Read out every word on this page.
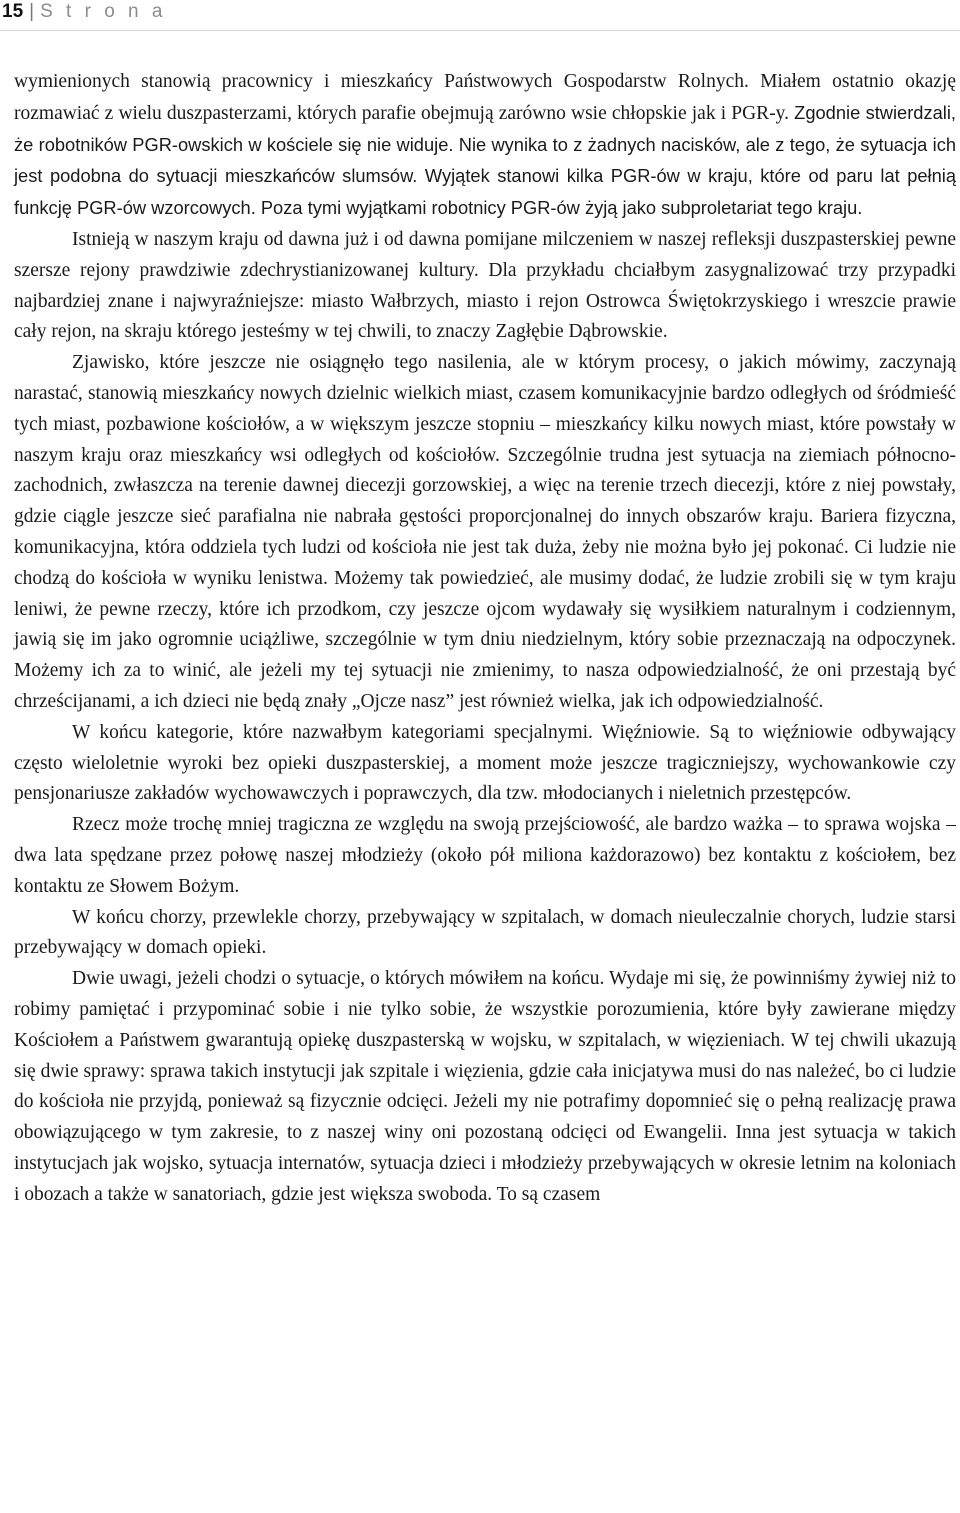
15 | S t r o n a

wymienionych stanowią pracownicy i mieszkańcy Państwowych Gospodarstw Rolnych. Miałem ostatnio okazję rozmawiać z wielu duszpasterzami, których parafie obejmują zarówno wsie chłopskie jak i PGR-y. Zgodnie stwierdzali, że robotników PGR-owskich w kościele się nie widuje. Nie wynika to z żadnych nacisków, ale z tego, że sytuacja ich jest podobna do sytuacji mieszkańców slumsów. Wyjątek stanowi kilka PGR-ów w kraju, które od paru lat pełnią funkcję PGR-ów wzorcowych. Poza tymi wyjątkami robotnicy PGR-ów żyją jako subproletariat tego kraju.

Istnieją w naszym kraju od dawna już i od dawna pomijane milczeniem w naszej refleksji duszpasterskiej pewne szersze rejony prawdziwie zdechrystianizowanej kultury. Dla przykładu chciałbym zasygnalizować trzy przypadki najbardziej znane i najwyraźniejsze: miasto Wałbrzych, miasto i rejon Ostrowca Świętokrzyskiego i wreszcie prawie cały rejon, na skraju którego jesteśmy w tej chwili, to znaczy Zagłębie Dąbrowskie.

Zjawisko, które jeszcze nie osiągnęło tego nasilenia, ale w którym procesy, o jakich mówimy, zaczynają narastać, stanowią mieszkańcy nowych dzielnic wielkich miast, czasem komunikacyjnie bardzo odległych od śródmieść tych miast, pozbawione kościołów, a w większym jeszcze stopniu – mieszkańcy kilku nowych miast, które powstały w naszym kraju oraz mieszkańcy wsi odległych od kościołów. Szczególnie trudna jest sytuacja na ziemiach północno-zachodnich, zwłaszcza na terenie dawnej diecezji gorzowskiej, a więc na terenie trzech diecezji, które z niej powstały, gdzie ciągle jeszcze sieć parafialna nie nabrała gęstości proporcjonalnej do innych obszarów kraju. Bariera fizyczna, komunikacyjna, która oddziela tych ludzi od kościoła nie jest tak duża, żeby nie można było jej pokonać. Ci ludzie nie chodzą do kościoła w wyniku lenistwa. Możemy tak powiedzieć, ale musimy dodać, że ludzie zrobili się w tym kraju leniwi, że pewne rzeczy, które ich przodkom, czy jeszcze ojcom wydawały się wysiłkiem naturalnym i codziennym, jawią się im jako ogromnie uciążliwe, szczególnie w tym dniu niedzielnym, który sobie przeznaczają na odpoczynek. Możemy ich za to winić, ale jeżeli my tej sytuacji nie zmienimy, to nasza odpowiedzialność, że oni przestają być chrześcijanami, a ich dzieci nie będą znały „Ojcze nasz” jest również wielka, jak ich odpowiedzialność.

W końcu kategorie, które nazwałbym kategoriami specjalnymi. Więźniowie. Są to więźniowie odbywający często wieloletnie wyroki bez opieki duszpasterskiej, a moment może jeszcze tragiczniejszy, wychowankowie czy pensjonariusze zakładów wychowawczych i poprawczych, dla tzw. młodocianych i nieletnich przestępców.

Rzecz może trochę mniej tragiczna ze względu na swoją przejściowość, ale bardzo ważka – to sprawa wojska – dwa lata spędzane przez połowę naszej młodzieży (około pół miliona każdorazowo) bez kontaktu z kościołem, bez kontaktu ze Słowem Bożym.

W końcu chorzy, przewlekle chorzy, przebywający w szpitalach, w domach nieuleczalnie chorych, ludzie starsi przebywający w domach opieki.

Dwie uwagi, jeżeli chodzi o sytuacje, o których mówiłem na końcu. Wydaje mi się, że powinniśmy żywiej niż to robimy pamiętać i przypominać sobie i nie tylko sobie, że wszystkie porozumienia, które były zawierane między Kościołem a Państwem gwarantują opiekę duszpasterską w wojsku, w szpitalach, w więzieniach. W tej chwili ukazują się dwie sprawy: sprawa takich instytucji jak szpitale i więzienia, gdzie cała inicjatywa musi do nas należeć, bo ci ludzie do kościoła nie przyjdą, ponieważ są fizycznie odcięci. Jeżeli my nie potrafimy dopomnieć się o pełną realizację prawa obowiązującego w tym zakresie, to z naszej winy oni pozostaną odcięci od Ewangelii. Inna jest sytuacja w takich instytucjach jak wojsko, sytuacja internatów, sytuacja dzieci i młodzieży przebywających w okresie letnim na koloniach i obozach a także w sanatoriach, gdzie jest większa swoboda. To są czasem
